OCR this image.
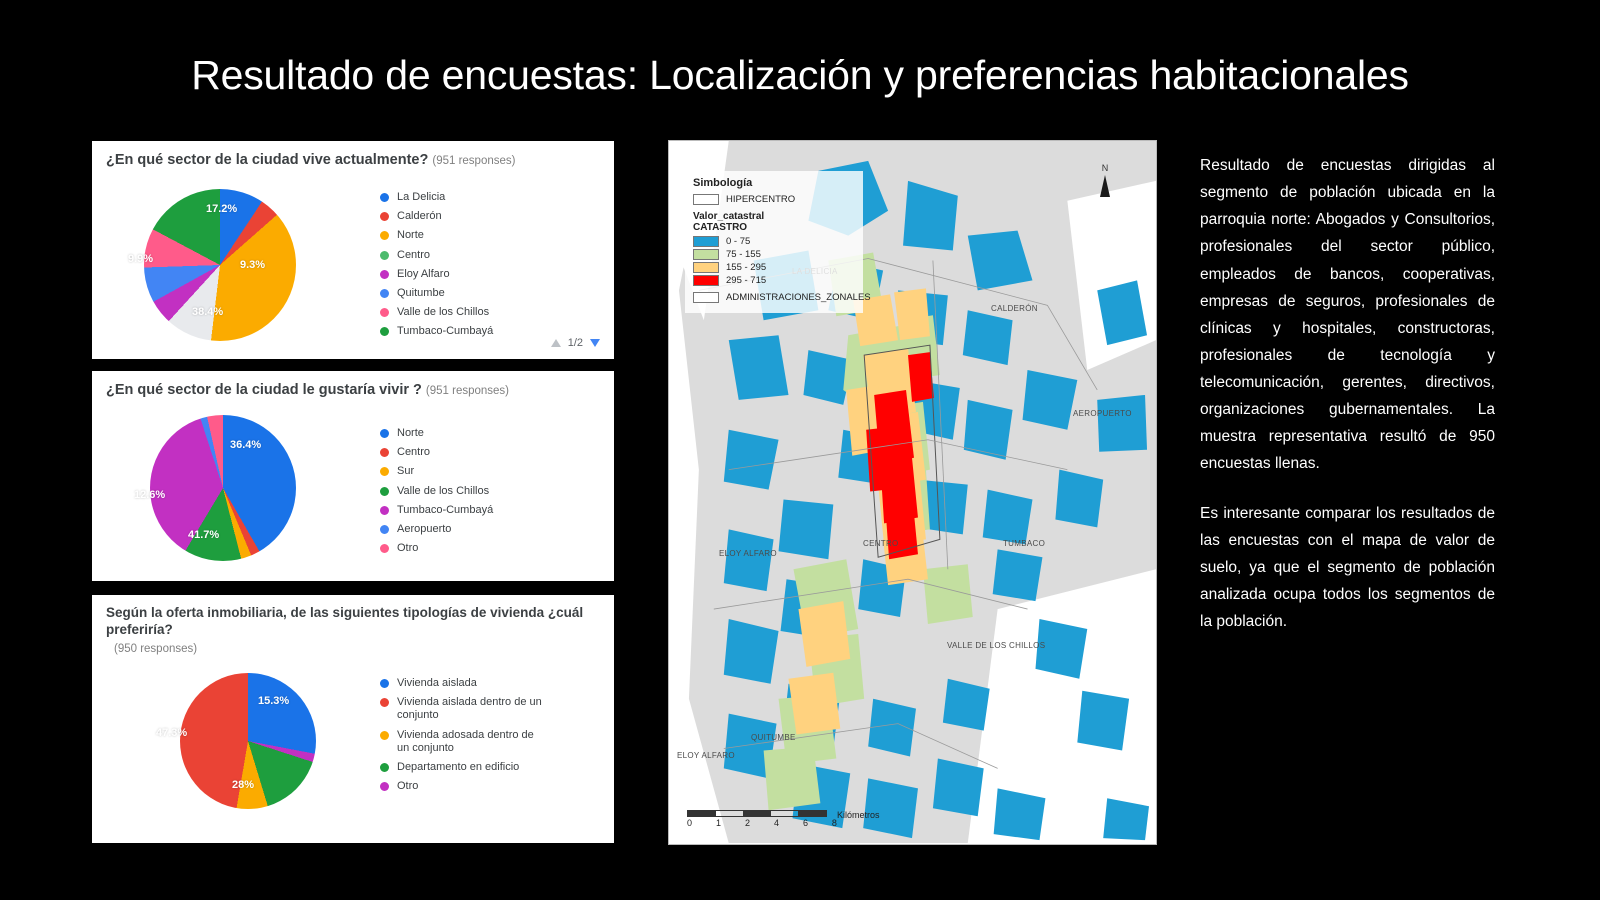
Resultado de encuestas: Localización y preferencias habitacionales
¿En qué sector de la ciudad vive actualmente? (951 responses)
9.3%
38.4%
9.9%
17.2%
La Delicia
Calderón
Norte
Centro
Eloy Alfaro
Quitumbe
Valle de los Chillos
Tumbaco-Cumbayá
1/2
¿En qué sector de la ciudad le gustaría vivir ? (951 responses)
41.7%
12.6%
36.4%
Norte
Centro
Sur
Valle de los Chillos
Tumbaco-Cumbayá
Aeropuerto
Otro
Según la oferta inmobiliaria, de las siguientes tipologías de vivienda ¿cuál preferiría?
(950 responses)
28%
47.3%
15.3%
Vivienda aislada
Vivienda aislada dentro de un conjunto
Vivienda adosada dentro de un conjunto
Departamento en edificio
Otro
CALDERÓN
AEROPUERTO
CENTRO
ELOY ALFARO
TUMBACO
VALLE DE LOS CHILLOS
QUITUMBE
ELOY ALFARO
Simbología
HIPERCENTRO
Valor_catastral
CATASTRO
0 - 75
75 - 155
155 - 295
295 - 715
ADMINISTRACIONES_ZONALES
N
0	1	2	4	6	8
Kilómetros

Resultado de encuestas dirigidas al segmento de población ubicada en la parroquia norte: Abogados y Consultorios, profesionales del sector público, empleados de bancos, cooperativas, empresas de seguros, profesionales de clínicas y hospitales, constructoras, profesionales de tecnología y telecomunicación, gerentes, directivos, organizaciones gubernamentales. La muestra representativa resultó de 950 encuestas llenas.

Es interesante comparar los resultados de las encuestas con el mapa de valor de suelo, ya que el segmento de población analizada ocupa todos los segmentos de la población.
